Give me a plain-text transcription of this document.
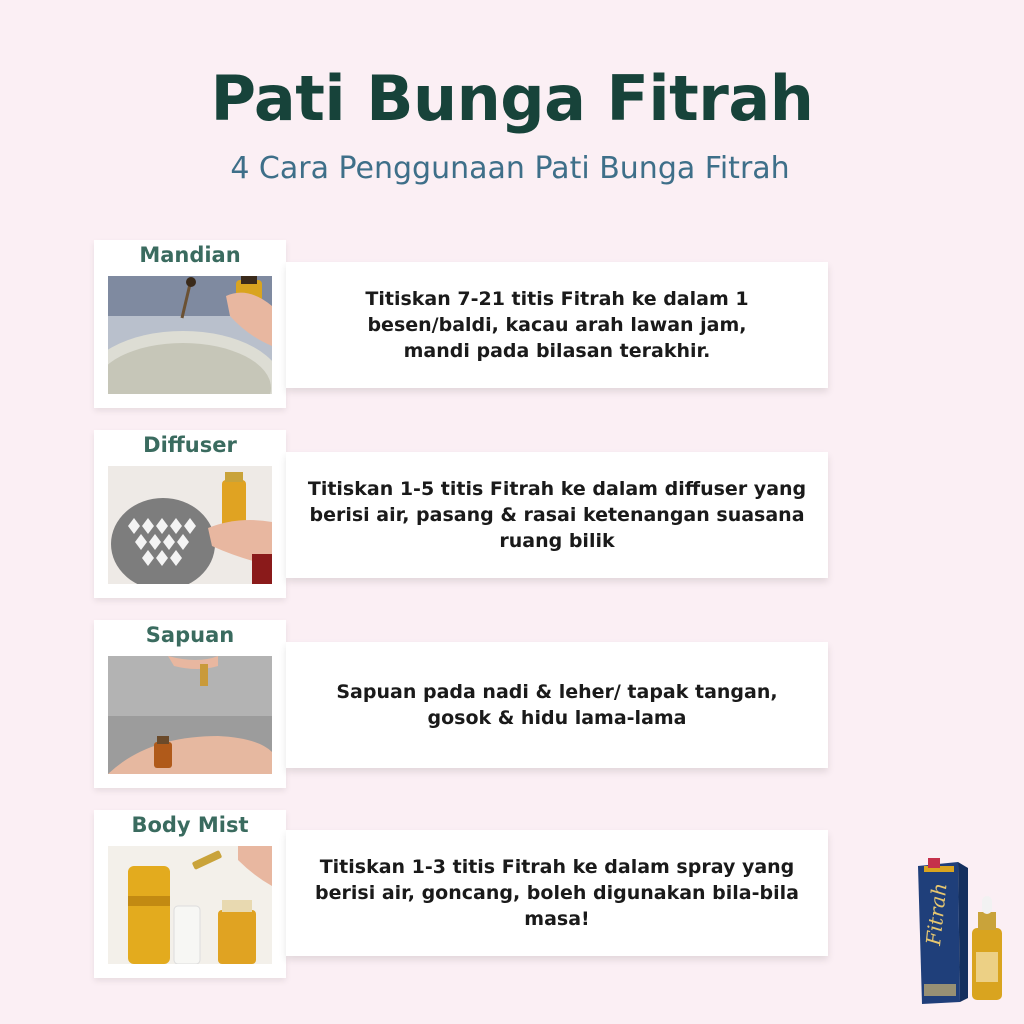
Pati Bunga Fitrah
4 Cara Penggunaan Pati Bunga Fitrah
Mandian

Titiskan 7-21 titis Fitrah ke dalam 1 besen/baldi, kacau arah lawan jam, mandi pada bilasan terakhir.

Diffuser

Titiskan 1-5 titis Fitrah ke dalam diffuser yang berisi air, pasang & rasai ketenangan suasana ruang bilik

Sapuan

Sapuan pada nadi & leher/ tapak tangan, gosok & hidu lama-lama

Body Mist

Titiskan 1-3 titis Fitrah ke dalam spray yang berisi air, goncang, boleh digunakan bila-bila masa!	Fitrah
